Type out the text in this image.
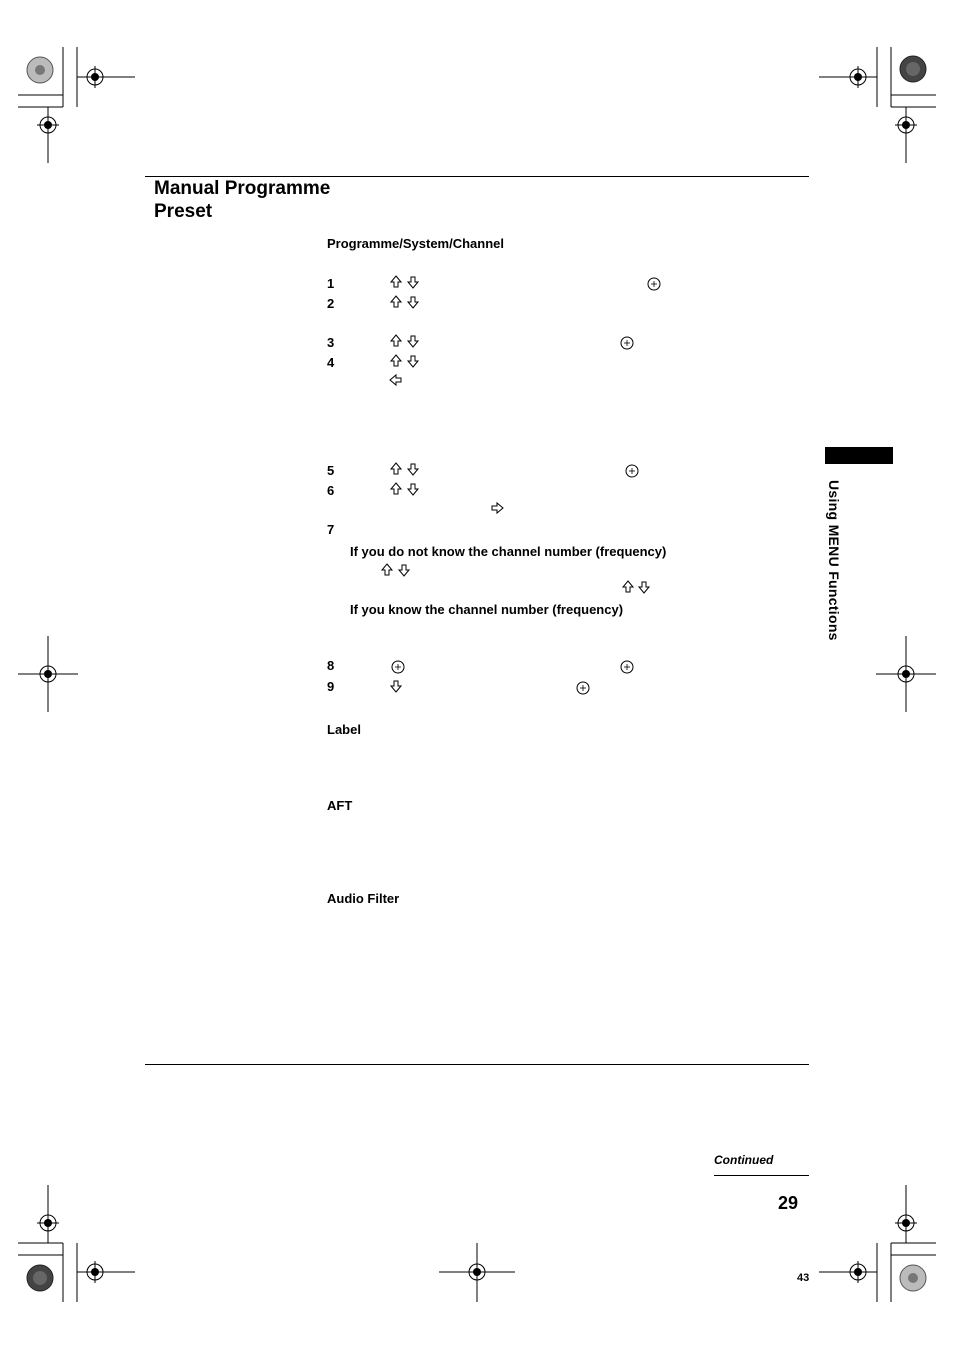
Manual Programme
Preset
Programme/System/Channel
1
2
3
4
5
6
7
8
9
If you do not know the channel number (frequency)
If you know the channel number (frequency)
Label
AFT
Audio Filter
Using MENU Functions
Continued
29
43
